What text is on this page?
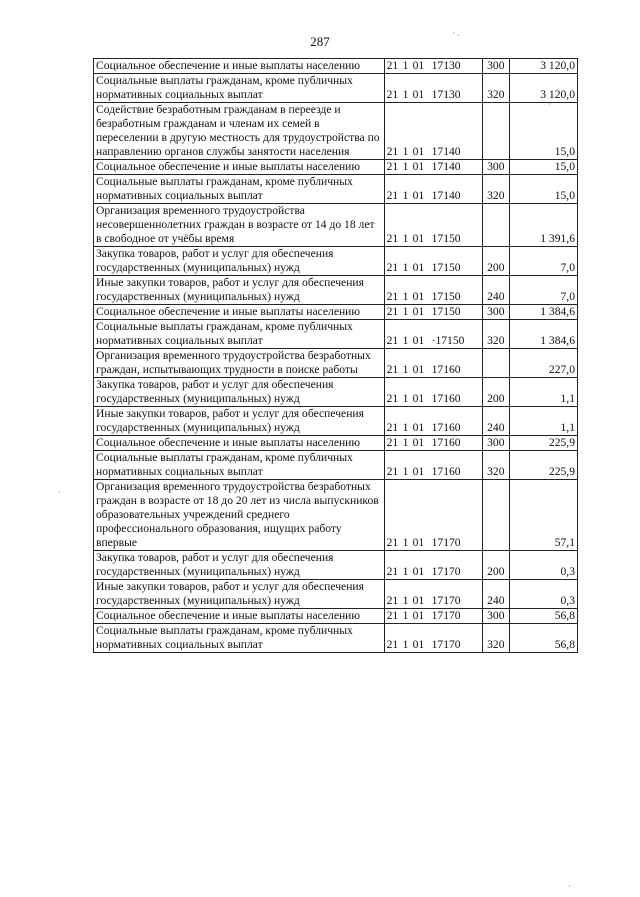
287
· .
·
·
·
Социальное обеспечение и иные выплаты населению	21 1 01 17130	300	3 120,0
Социальные выплаты гражданам, кроме публичных нормативных социальных выплат	21 1 01 17130	320	3 120,0
Содействие безработным гражданам в переезде и безработным гражданам и членам их семей в переселении в другую местность для трудоустройства по направлению органов службы занятости населения	21 1 01 17140		15,0
Социальное обеспечение и иные выплаты населению	21 1 01 17140	300	15,0
Социальные выплаты гражданам, кроме публичных нормативных социальных выплат	21 1 01 17140	320	15,0
Организация временного трудоустройства несовершеннолетних граждан в возрасте от 14 до 18 лет в свободное от учёбы время	21 1 01 17150		1 391,6
Закупка товаров, работ и услуг для обеспечения государственных (муниципальных) нужд	21 1 01 17150	200	7,0
Иные закупки товаров, работ и услуг для обеспечения государственных (муниципальных) нужд	21 1 01 17150	240	7,0
Социальное обеспечение и иные выплаты населению	21 1 01 17150	300	1 384,6
Социальные выплаты гражданам, кроме публичных нормативных социальных выплат	21 1 01 ·17150	320	1 384,6
Организация временного трудоустройства безработных граждан, испытывающих трудности в поиске работы	21 1 01 17160		227,0
Закупка товаров, работ и услуг для обеспечения государственных (муниципальных) нужд	21 1 01 17160	200	1,1
Иные закупки товаров, работ и услуг для обеспечения государственных (муниципальных) нужд	21 1 01 17160	240	1,1
Социальное обеспечение и иные выплаты населению	21 1 01 17160	300	225,9
Социальные выплаты гражданам, кроме публичных нормативных социальных выплат	21 1 01 17160	320	225,9
Организация временного трудоустройства безработных граждан в возрасте от 18 до 20 лет из числа выпускников образовательных учреждений среднего профессионального образования, ищущих работу впервые	21 1 01 17170		57,1
Закупка товаров, работ и услуг для обеспечения государственных (муниципальных) нужд	21 1 01 17170	200	0,3
Иные закупки товаров, работ и услуг для обеспечения государственных (муниципальных) нужд	21 1 01 17170	240	0,3
Социальное обеспечение и иные выплаты населению	21 1 01 17170	300	56,8
Социальные выплаты гражданам, кроме публичных нормативных социальных выплат	21 1 01 17170	320	56,8
